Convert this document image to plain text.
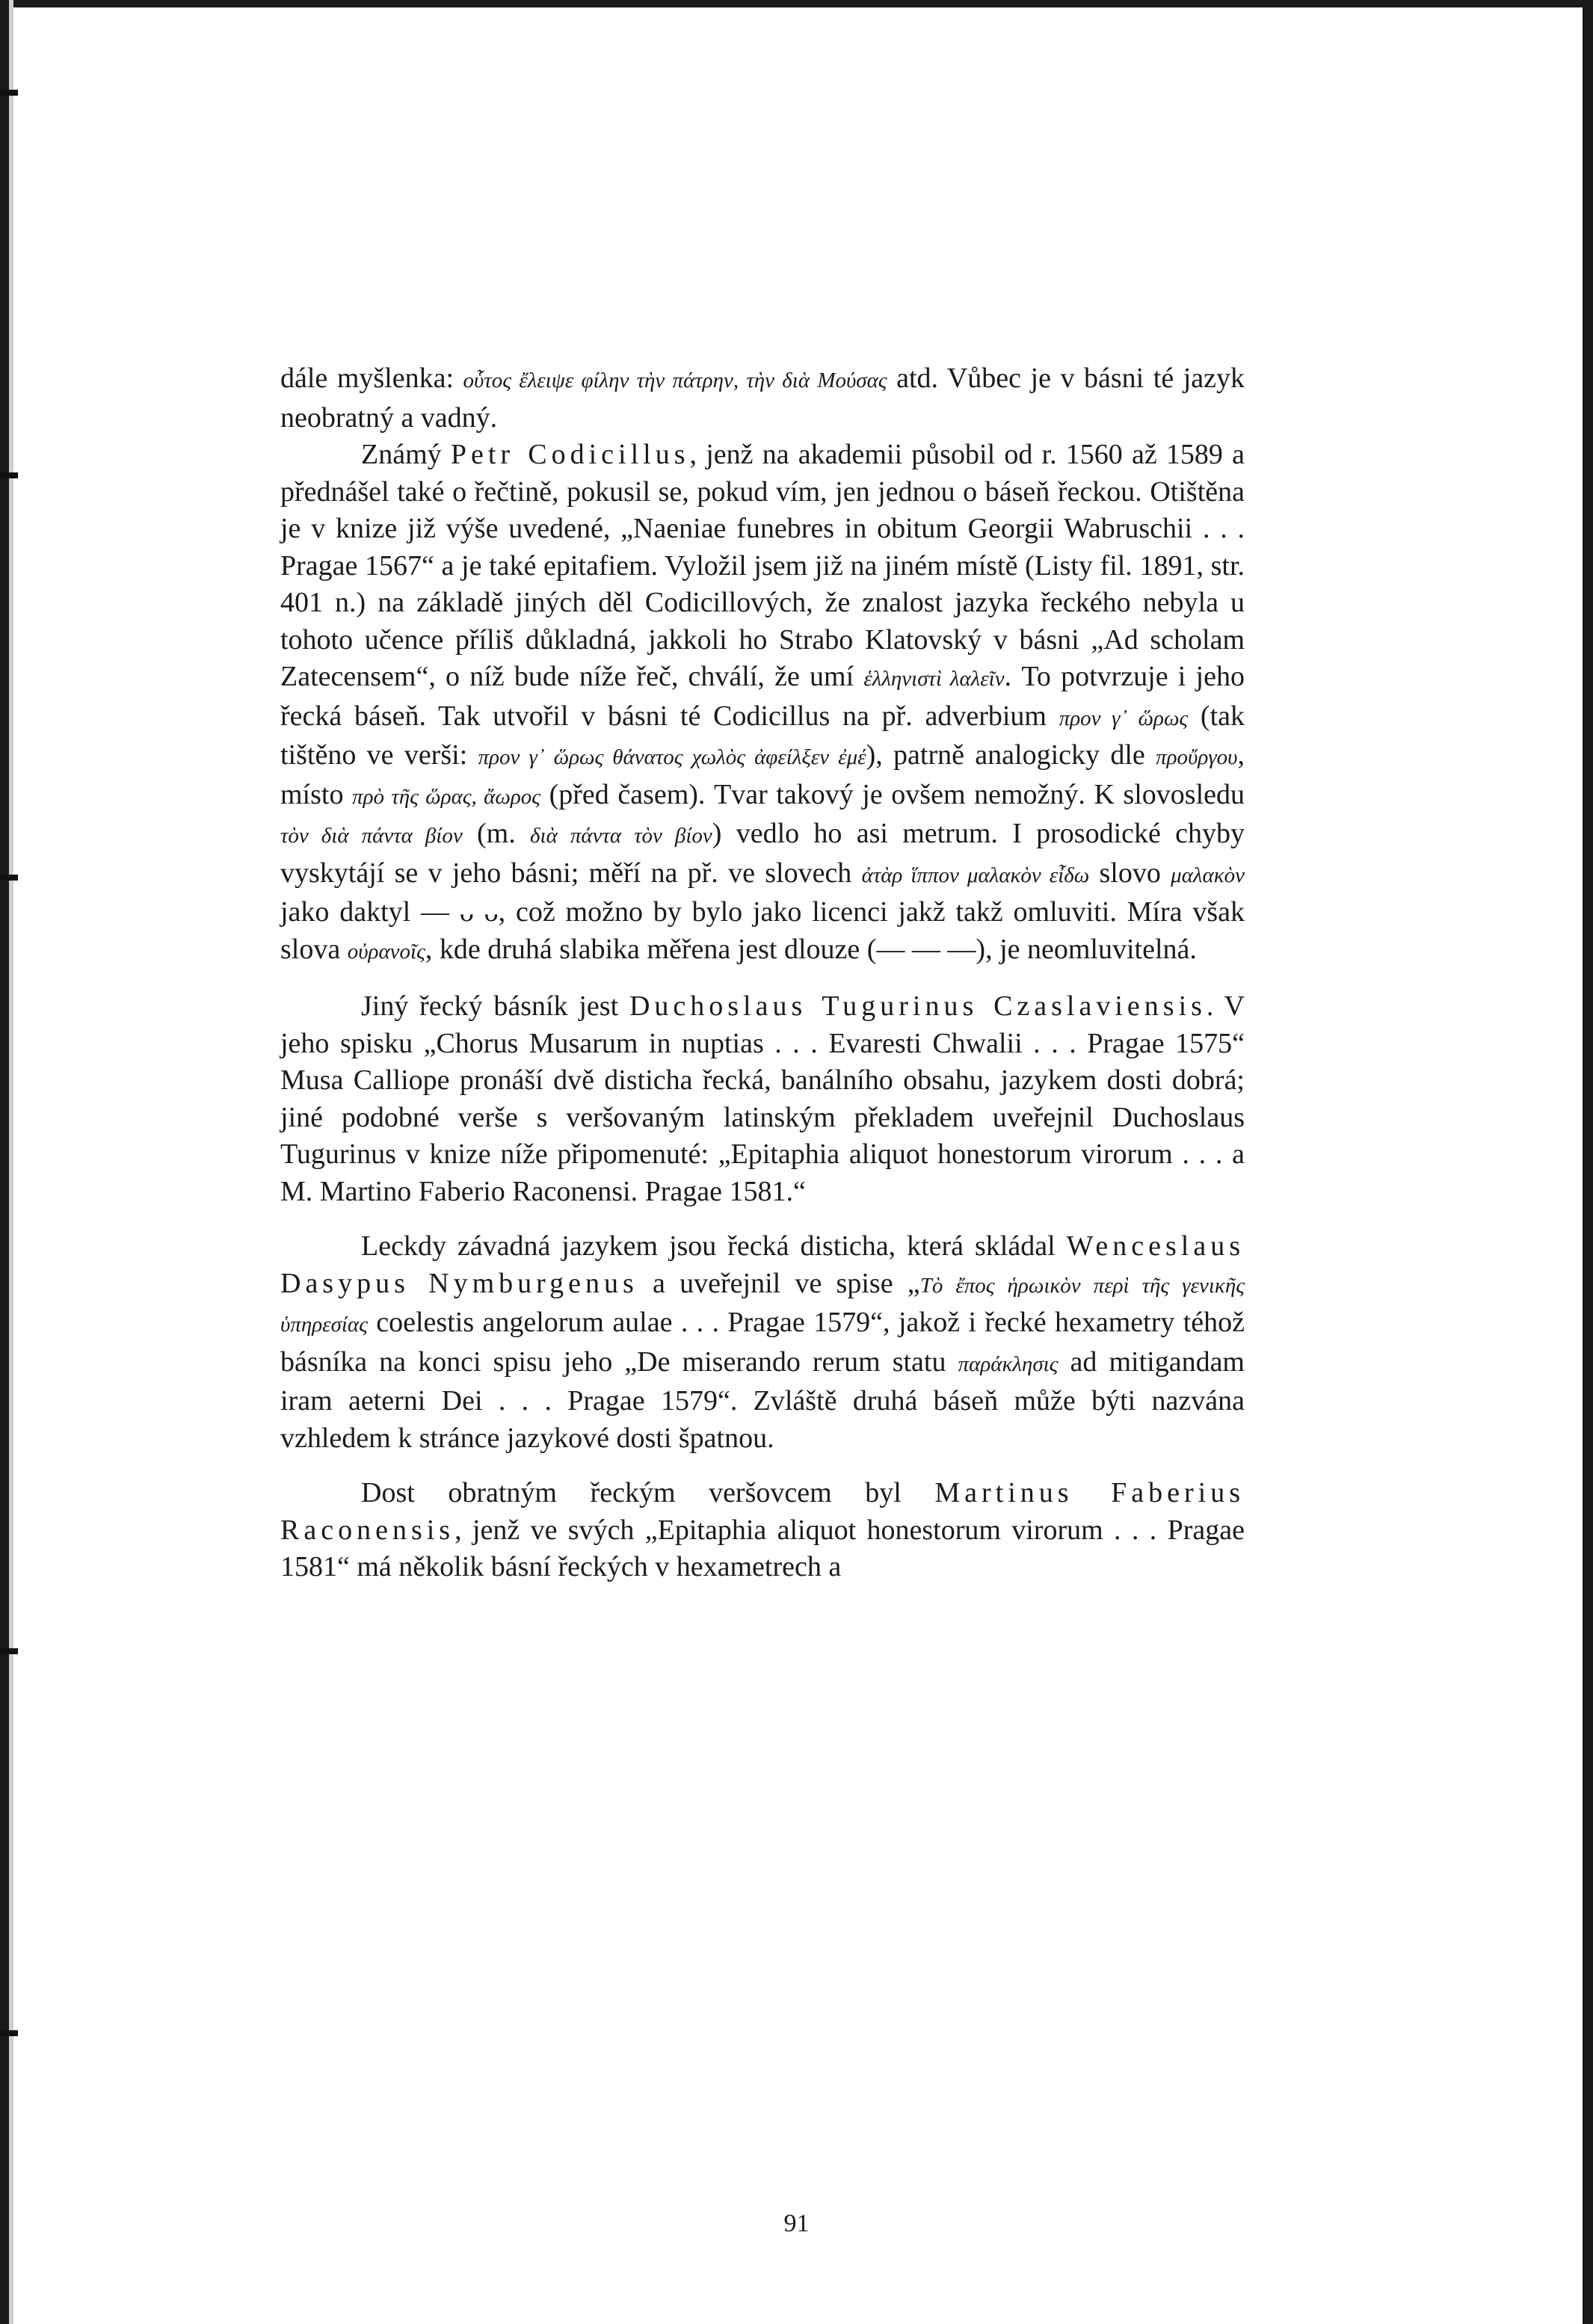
dále myšlenka: οὗτος ἔλειψε φίλην τὴν πάτρην, τὴν διὰ Μούσας atd. Vůbec je v básni té jazyk neobratný a vadný.

Známý Petr Codicillus, jenž na akademii působil od r. 1560 až 1589 a přednášel také o řečtině, pokusil se, pokud vím, jen jednou o báseň řeckou. Otištěna je v knize již výše uvedené, „Naeniae funebres in obitum Georgii Wabruschii . . . Pragae 1567“ a je také epitafiem. Vyložil jsem již na jiném místě (Listy fil. 1891, str. 401 n.) na základě jiných děl Codicillových, že znalost jazyka řeckého nebyla u tohoto učence příliš důkladná, jakkoli ho Strabo Klatovský v básni „Ad scholam Zatecensem“, o níž bude níže řeč, chválí, že umí ἑλληνιστὶ λαλεῖν. To potvrzuje i jeho řecká báseň. Tak utvořil v básni té Codicillus na př. adverbium προν γ᾽ ὥρως (tak tištěno ve verši: προν γ᾽ ὥρως θάνατος χωλὸς ἀφείλξεν ἐμέ), patrně analogicky dle προὔργου, místo πρὸ τῆς ὥρας, ἄωρος (před časem). Tvar takový je ovšem nemožný. K slovosledu τὸν διὰ πάντα βίον (m. διὰ πάντα τὸν βίον) vedlo ho asi metrum. I prosodické chyby vyskytájí se v jeho básni; měří na př. ve slovech ἀτὰρ ἵππον μαλακὸν εἶδω slovo μαλακὸν jako daktyl — ᴗ ᴗ, což možno by bylo jako licenci jakž takž omluviti. Míra však slova οὐρανοῖς, kde druhá slabika měřena jest dlouze (— — —), je neomluvitelná.

Jiný řecký básník jest Duchoslaus Tugurinus Czaslaviensis. V jeho spisku „Chorus Musarum in nuptias . . . Evaresti Chwalii . . . Pragae 1575“ Musa Calliope pronáší dvě disticha řecká, banálního obsahu, jazykem dosti dobrá; jiné podobné verše s veršovaným latinským překladem uveřejnil Duchoslaus Tugurinus v knize níže připomenuté: „Epitaphia aliquot honestorum virorum . . . a M. Martino Faberio Raconensi. Pragae 1581.“

Leckdy závadná jazykem jsou řecká disticha, která skládal Wenceslaus Dasypus Nymburgenus a uveřejnil ve spise „Τὸ ἔπος ἡρωικὸν περὶ τῆς γενικῆς ὑπηρεσίας coelestis angelorum aulae . . . Pragae 1579“, jakož i řecké hexametry téhož básníka na konci spisu jeho „De miserando rerum statu παράκλησις ad mitigandam iram aeterni Dei . . . Pragae 1579“. Zvláště druhá báseň může býti nazvána vzhledem k stránce jazykové dosti špatnou.

Dost obratným řeckým veršovcem byl Martinus Faberius Raconensis, jenž ve svých „Epitaphia aliquot honestorum virorum . . . Pragae 1581“ má několik básní řeckých v hexametrech a

91
